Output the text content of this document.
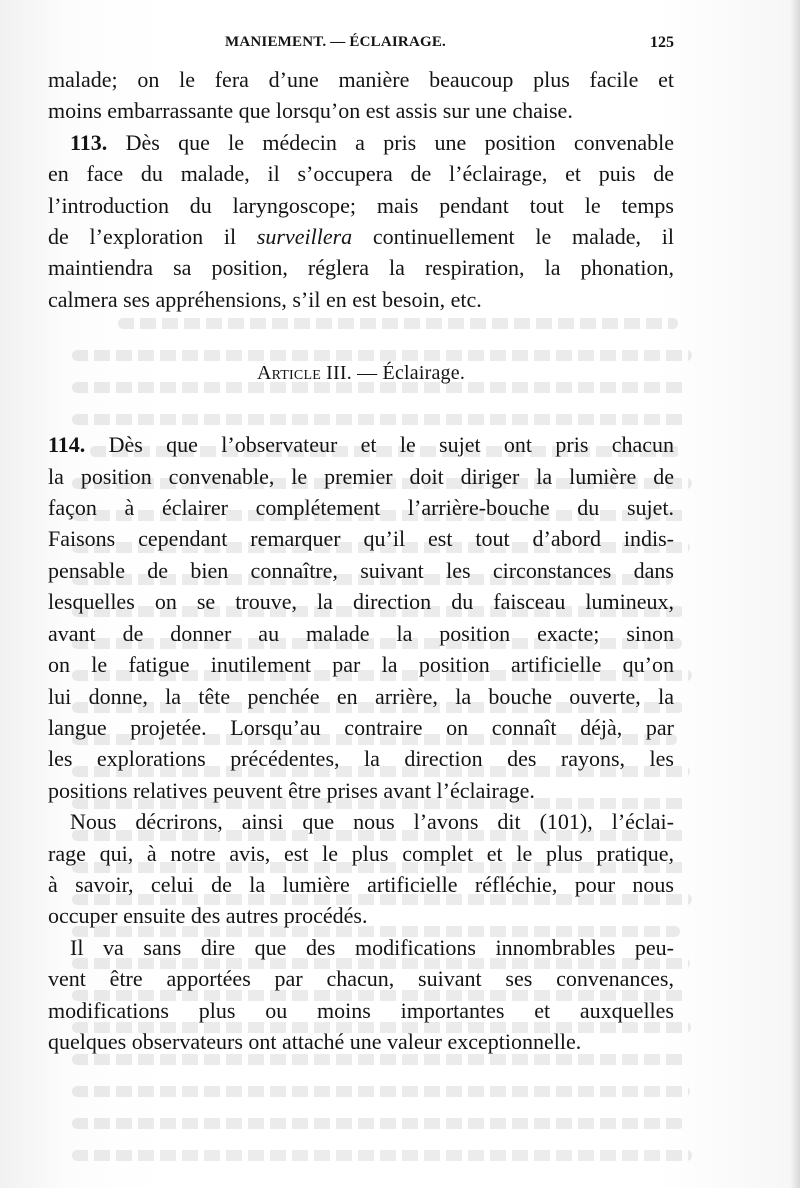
MANIEMENT. — ÉCLAIRAGE.	125
malade; on le fera d’une manière beaucoup plus facile et
moins embarrassante que lorsqu’on est assis sur une chaise.
 113. Dès que le médecin a pris une position convenable
en face du malade, il s’occupera de l’éclairage, et puis de
l’introduction du laryngoscope; mais pendant tout le temps
de l’exploration il surveillera continuellement le malade, il
maintiendra sa position, réglera la respiration, la phonation,
calmera ses appréhensions, s’il en est besoin, etc.
Article III. — Éclairage.
114. Dès que l’observateur et le sujet ont pris chacun
la position convenable, le premier doit diriger la lumière de
façon à éclairer complétement l’arrière-bouche du sujet.
Faisons cependant remarquer qu’il est tout d’abord indis-
pensable de bien connaître, suivant les circonstances dans
lesquelles on se trouve, la direction du faisceau lumineux,
avant de donner au malade la position exacte; sinon
on le fatigue inutilement par la position artificielle qu’on
lui donne, la tête penchée en arrière, la bouche ouverte, la
langue projetée. Lorsqu’au contraire on connaît déjà, par
les explorations précédentes, la direction des rayons, les
positions relatives peuvent être prises avant l’éclairage.
 Nous décrirons, ainsi que nous l’avons dit (101), l’éclai-
rage qui, à notre avis, est le plus complet et le plus pratique,
à savoir, celui de la lumière artificielle réfléchie, pour nous
occuper ensuite des autres procédés.
 Il va sans dire que des modifications innombrables peu-
vent être apportées par chacun, suivant ses convenances,
modifications plus ou moins importantes et auxquelles
quelques observateurs ont attaché une valeur exceptionnelle.
